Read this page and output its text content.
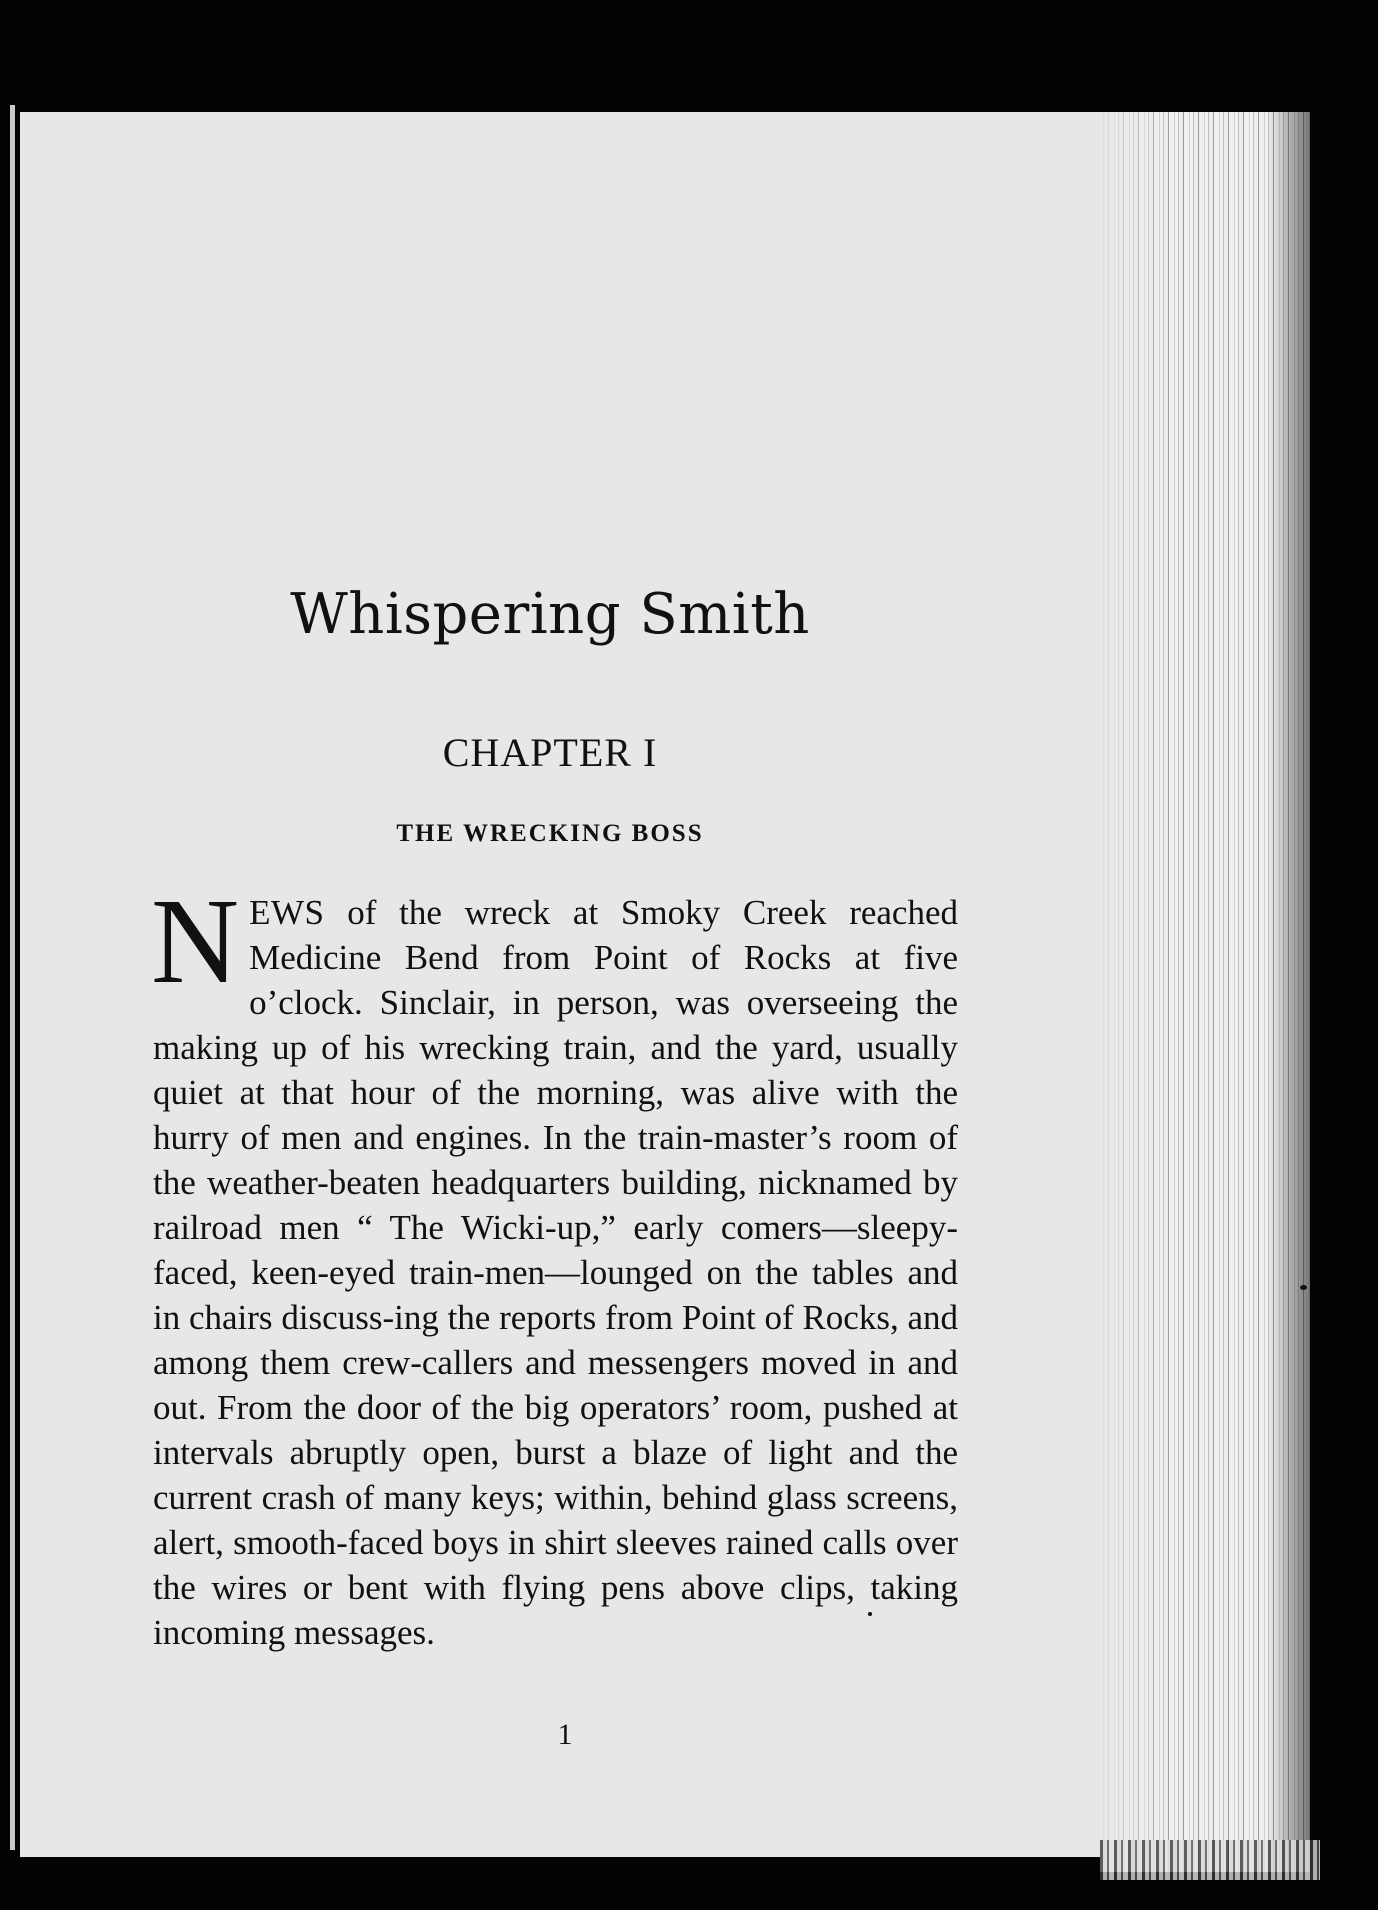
Whispering Smith
CHAPTER I
THE WRECKING BOSS

NEWS of the wreck at Smoky Creek reached Medicine Bend from Point of Rocks at five o’clock. Sinclair, in person, was overseeing the making up of his wrecking train, and the yard, usually quiet at that hour of the morning, was alive with the hurry of men and engines. In the train-master’s room of the weather-beaten headquarters building, nicknamed by railroad men “ The Wicki-up,” early comers—sleepy-faced, keen-eyed train-men—lounged on the tables and in chairs discuss-ing the reports from Point of Rocks, and among them crew-callers and messengers moved in and out. From the door of the big operators’ room, pushed at intervals abruptly open, burst a blaze of light and the current crash of many keys; within, behind glass screens, alert, smooth-faced boys in shirt sleeves rained calls over the wires or bent with flying pens above clips, taking incoming messages.

1
